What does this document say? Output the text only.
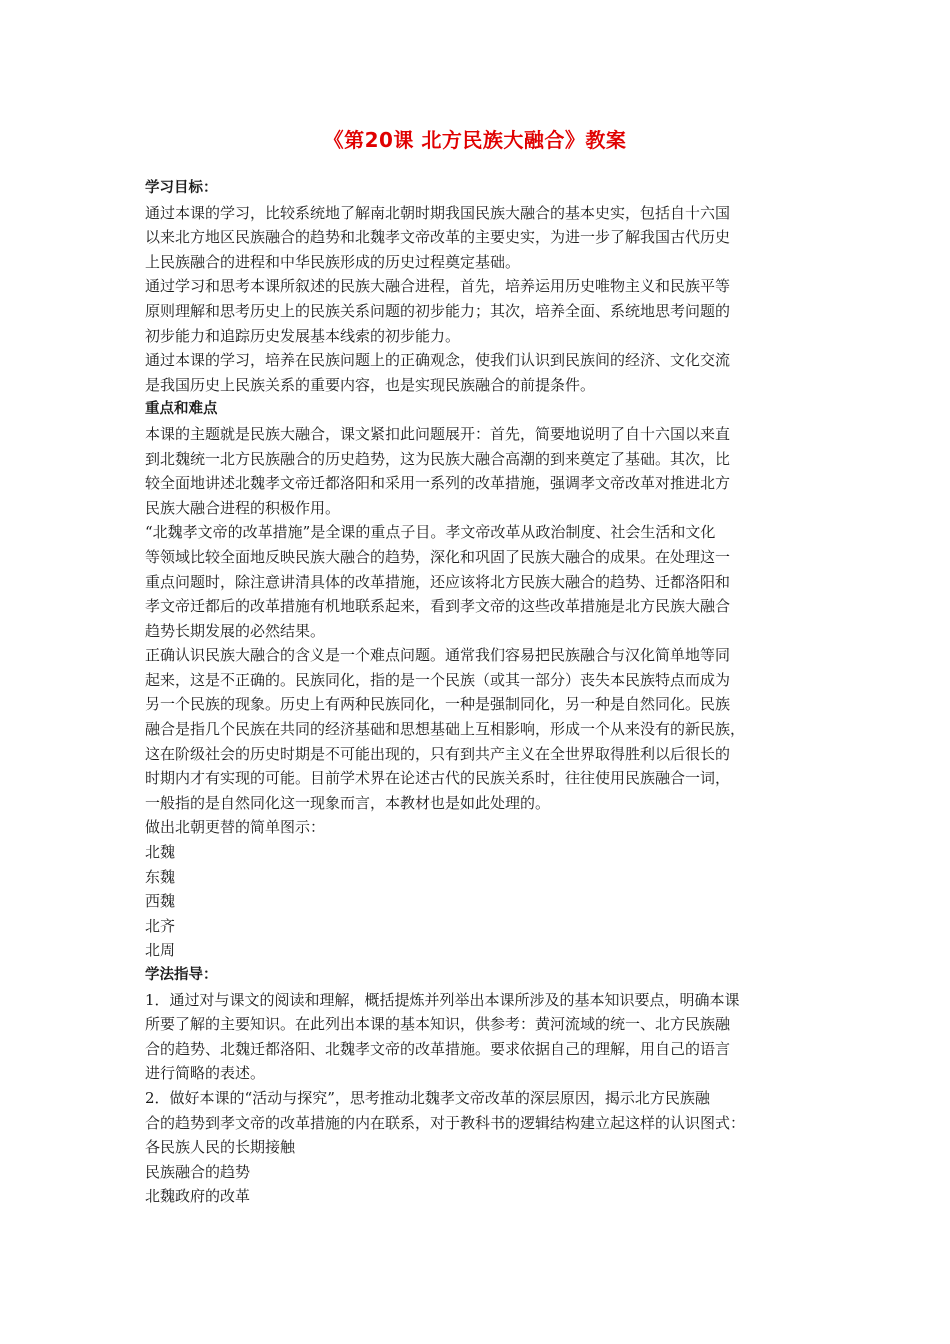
《第20课 北方民族大融合》教案
学习目标：
通过本课的学习，比较系统地了解南北朝时期我国民族大融合的基本史实，包括自十六国
以来北方地区民族融合的趋势和北魏孝文帝改革的主要史实，为进一步了解我国古代历史
上民族融合的进程和中华民族形成的历史过程奠定基础。
通过学习和思考本课所叙述的民族大融合进程，首先，培养运用历史唯物主义和民族平等
原则理解和思考历史上的民族关系问题的初步能力；其次，培养全面、系统地思考问题的
初步能力和追踪历史发展基本线索的初步能力。
通过本课的学习，培养在民族问题上的正确观念，使我们认识到民族间的经济、文化交流
是我国历史上民族关系的重要内容，也是实现民族融合的前提条件。
重点和难点
本课的主题就是民族大融合，课文紧扣此问题展开：首先，简要地说明了自十六国以来直
到北魏统一北方民族融合的历史趋势，这为民族大融合高潮的到来奠定了基础。其次，比
较全面地讲述北魏孝文帝迁都洛阳和采用一系列的改革措施，强调孝文帝改革对推进北方
民族大融合进程的积极作用。
“北魏孝文帝的改革措施”是全课的重点子目。孝文帝改革从政治制度、社会生活和文化
等领域比较全面地反映民族大融合的趋势，深化和巩固了民族大融合的成果。在处理这一
重点问题时，除注意讲清具体的改革措施，还应该将北方民族大融合的趋势、迁都洛阳和
孝文帝迁都后的改革措施有机地联系起来，看到孝文帝的这些改革措施是北方民族大融合
趋势长期发展的必然结果。
正确认识民族大融合的含义是一个难点问题。通常我们容易把民族融合与汉化简单地等同
起来，这是不正确的。民族同化，指的是一个民族（或其一部分）丧失本民族特点而成为
另一个民族的现象。历史上有两种民族同化，一种是强制同化，另一种是自然同化。民族
融合是指几个民族在共同的经济基础和思想基础上互相影响，形成一个从来没有的新民族，
这在阶级社会的历史时期是不可能出现的，只有到共产主义在全世界取得胜利以后很长的
时期内才有实现的可能。目前学术界在论述古代的民族关系时，往往使用民族融合一词，
一般指的是自然同化这一现象而言，本教材也是如此处理的。
做出北朝更替的简单图示：
北魏
东魏
西魏
北齐
北周
学法指导：
1．通过对与课文的阅读和理解，概括提炼并列举出本课所涉及的基本知识要点，明确本课
所要了解的主要知识。在此列出本课的基本知识，供参考：黄河流域的统一、北方民族融
合的趋势、北魏迁都洛阳、北魏孝文帝的改革措施。要求依据自己的理解，用自己的语言
进行简略的表述。
2．做好本课的“活动与探究”，思考推动北魏孝文帝改革的深层原因，揭示北方民族融
合的趋势到孝文帝的改革措施的内在联系，对于教科书的逻辑结构建立起这样的认识图式：
各民族人民的长期接触
民族融合的趋势
北魏政府的改革
